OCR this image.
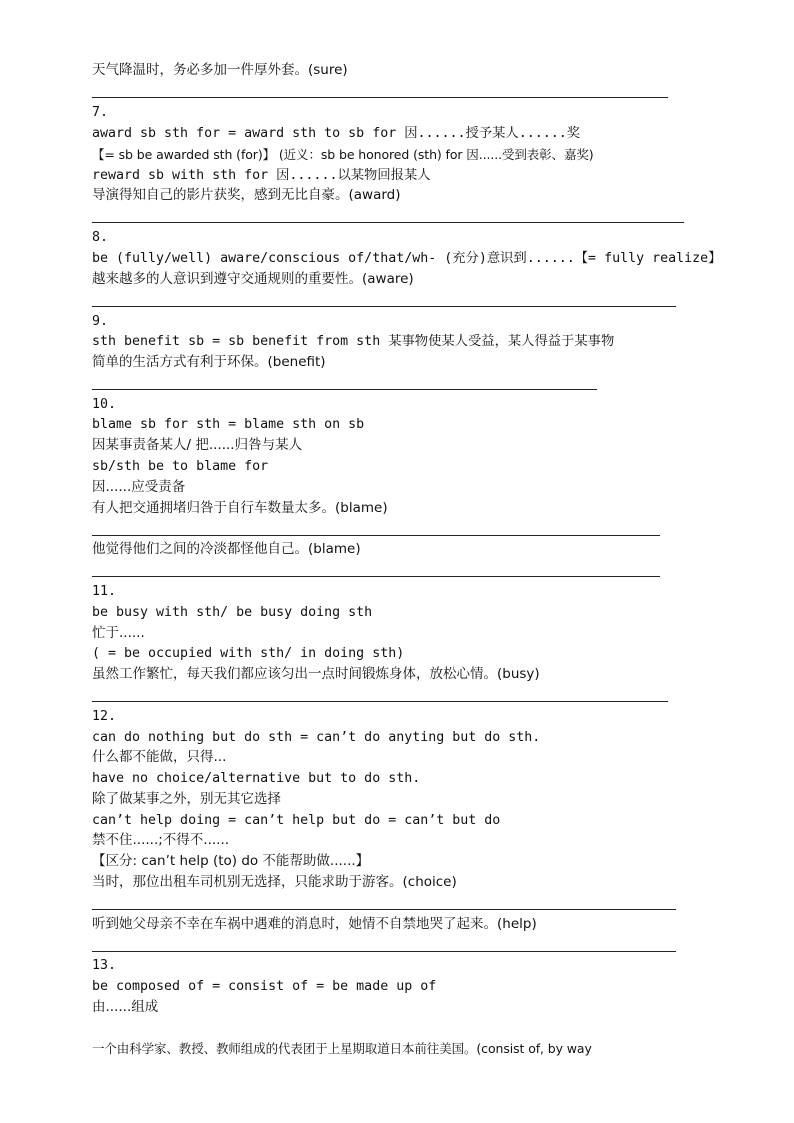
天气降温时，务必多加一件厚外套。(sure)
7.
award sb sth for = award sth to sb for 因......授予某人......奖
【= sb be awarded sth (for)】 (近义：sb be honored (sth) for 因......受到表彰、嘉奖)
reward sb with sth for 因......以某物回报某人
导演得知自己的影片获奖，感到无比自豪。(award)
8.
be (fully/well) aware/conscious of/that/wh- (充分)意识到......【= fully realize】
越来越多的人意识到遵守交通规则的重要性。(aware)
9.
sth benefit sb = sb benefit from sth 某事物使某人受益，某人得益于某事物
简单的生活方式有利于环保。(benefit)
10.
blame sb for sth = blame sth on sb
因某事责备某人/ 把......归咎与某人
sb/sth be to blame for
因......应受责备
有人把交通拥堵归咎于自行车数量太多。(blame)
他觉得他们之间的冷淡都怪他自己。(blame)
11.
be busy with sth/ be busy doing sth
忙于......
( = be occupied with sth/ in doing sth)
虽然工作繁忙，每天我们都应该匀出一点时间锻炼身体，放松心情。(busy)
12.
can do nothing but do sth = can’t do anyting but do sth.
什么都不能做，只得...
have no choice/alternative but to do sth.
除了做某事之外，别无其它选择
can’t help doing = can’t help but do = can’t but do
禁不住......;不得不......
【区分: can’t help (to) do 不能帮助做......】
当时，那位出租车司机别无选择，只能求助于游客。(choice)
听到她父母亲不幸在车祸中遇难的消息时，她情不自禁地哭了起来。(help)
13.
be composed of = consist of = be made up of
由......组成
一个由科学家、教授、教师组成的代表团于上星期取道日本前往美国。(consist of, by way
